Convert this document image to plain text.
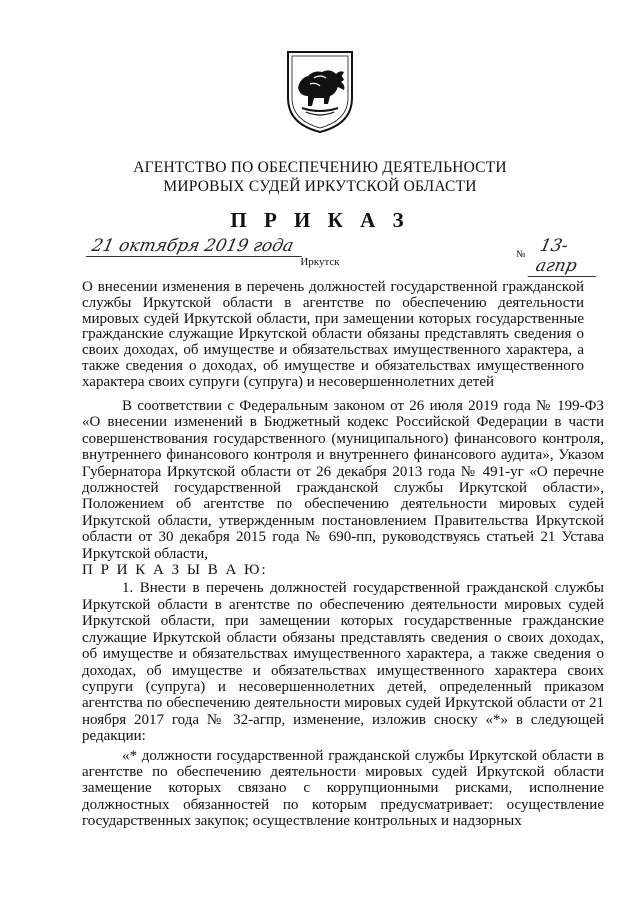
АГЕНТСТВО ПО ОБЕСПЕЧЕНИЮ ДЕЯТЕЛЬНОСТИ
МИРОВЫХ СУДЕЙ ИРКУТСКОЙ ОБЛАСТИ
П Р И К А З
21 октября 2019 года	№ 13-агпр
Иркутск
О внесении изменения в перечень должностей государственной гражданской службы Иркутской области в агентстве по обеспечению деятельности мировых судей Иркутской области, при замещении которых государственные гражданские служащие Иркутской области обязаны представлять сведения о своих доходах, об имуществе и обязательствах имущественного характера, а также сведения о доходах, об имуществе и обязательствах имущественного характера своих супруги (супруга) и несовершеннолетних детей

В соответствии с Федеральным законом от 26 июля 2019 года № 199-ФЗ «О внесении изменений в Бюджетный кодекс Российской Федерации в части совершенствования государственного (муниципального) финансового контроля, внутреннего финансового контроля и внутреннего финансового аудита», Указом Губернатора Иркутской области от 26 декабря 2013 года № 491-уг «О перечне должностей государственной гражданской службы Иркутской области», Положением об агентстве по обеспечению деятельности мировых судей Иркутской области, утвержденным постановлением Правительства Иркутской области от 30 декабря 2015 года № 690-пп, руководствуясь статьей 21 Устава Иркутской области,

П Р И К А З Ы В А Ю:

1. Внести в перечень должностей государственной гражданской службы Иркутской области в агентстве по обеспечению деятельности мировых судей Иркутской области, при замещении которых государственные гражданские служащие Иркутской области обязаны представлять сведения о своих доходах, об имуществе и обязательствах имущественного характера, а также сведения о доходах, об имуществе и обязательствах имущественного характера своих супруги (супруга) и несовершеннолетних детей, определенный приказом агентства по обеспечению деятельности мировых судей Иркутской области от 21 ноября 2017 года № 32-агпр, изменение, изложив сноску «*» в следующей редакции:

«* должности государственной гражданской службы Иркутской области в агентстве по обеспечению деятельности мировых судей Иркутской области замещение которых связано с коррупционными рисками, исполнение должностных обязанностей по которым предусматривает: осуществление государственных закупок; осуществление контрольных и надзорных
